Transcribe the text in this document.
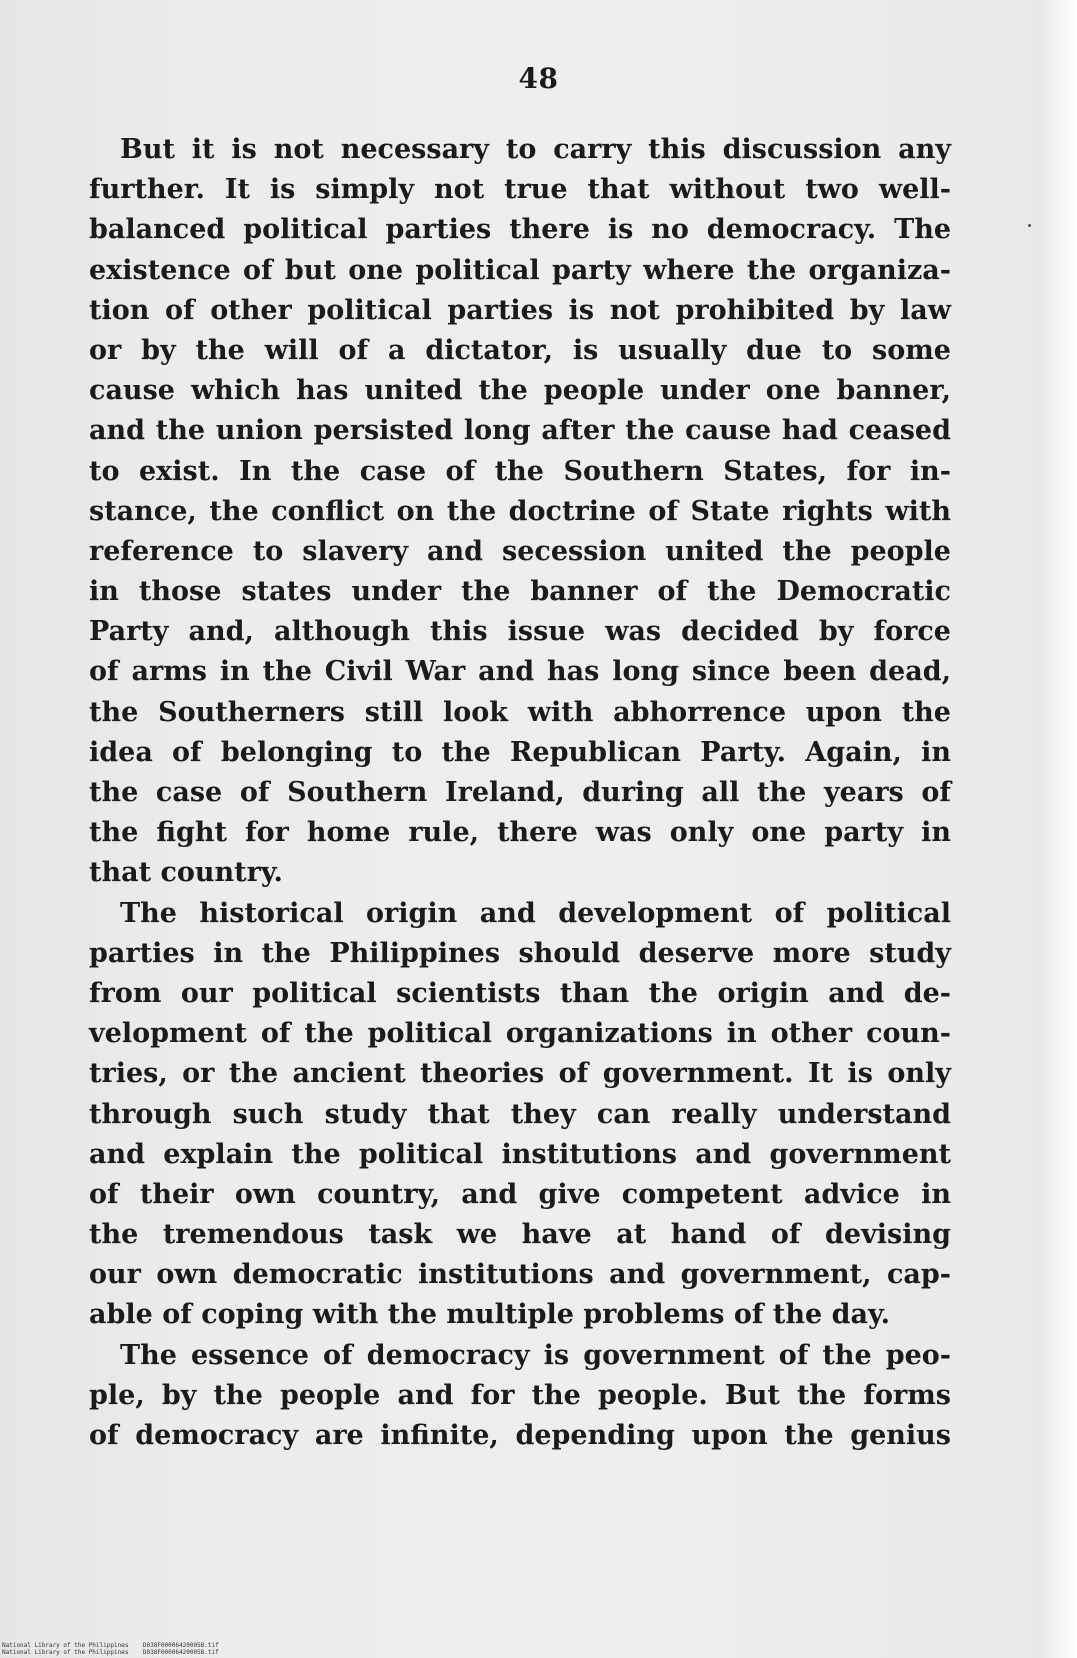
48
But it is not necessary to carry this discussion any
further. It is simply not true that without two well-
balanced political parties there is no democracy. The
existence of but one political party where the organiza-
tion of other political parties is not prohibited by law
or by the will of a dictator, is usually due to some
cause which has united the people under one banner,
and the union persisted long after the cause had ceased
to exist. In the case of the Southern States, for in-
stance, the conflict on the doctrine of State rights with
reference to slavery and secession united the people
in those states under the banner of the Democratic
Party and, although this issue was decided by force
of arms in the Civil War and has long since been dead,
the Southerners still look with abhorrence upon the
idea of belonging to the Republican Party. Again, in
the case of Southern Ireland, during all the years of
the fight for home rule, there was only one party in
that country.
The historical origin and development of political
parties in the Philippines should deserve more study
from our political scientists than the origin and de-
velopment of the political organizations in other coun-
tries, or the ancient theories of government. It is only
through such study that they can really understand
and explain the political institutions and government
of their own country, and give competent advice in
the tremendous task we have at hand of devising
our own democratic institutions and government, cap-
able of coping with the multiple problems of the day.
The essence of democracy is government of the peo-
ple, by the people and for the people. But the forms
of democracy are infinite, depending upon the genius
National Library of the Philippines    D038F00006420005B.tif
National Library of the Philippines    D038F00006420005B.tif
